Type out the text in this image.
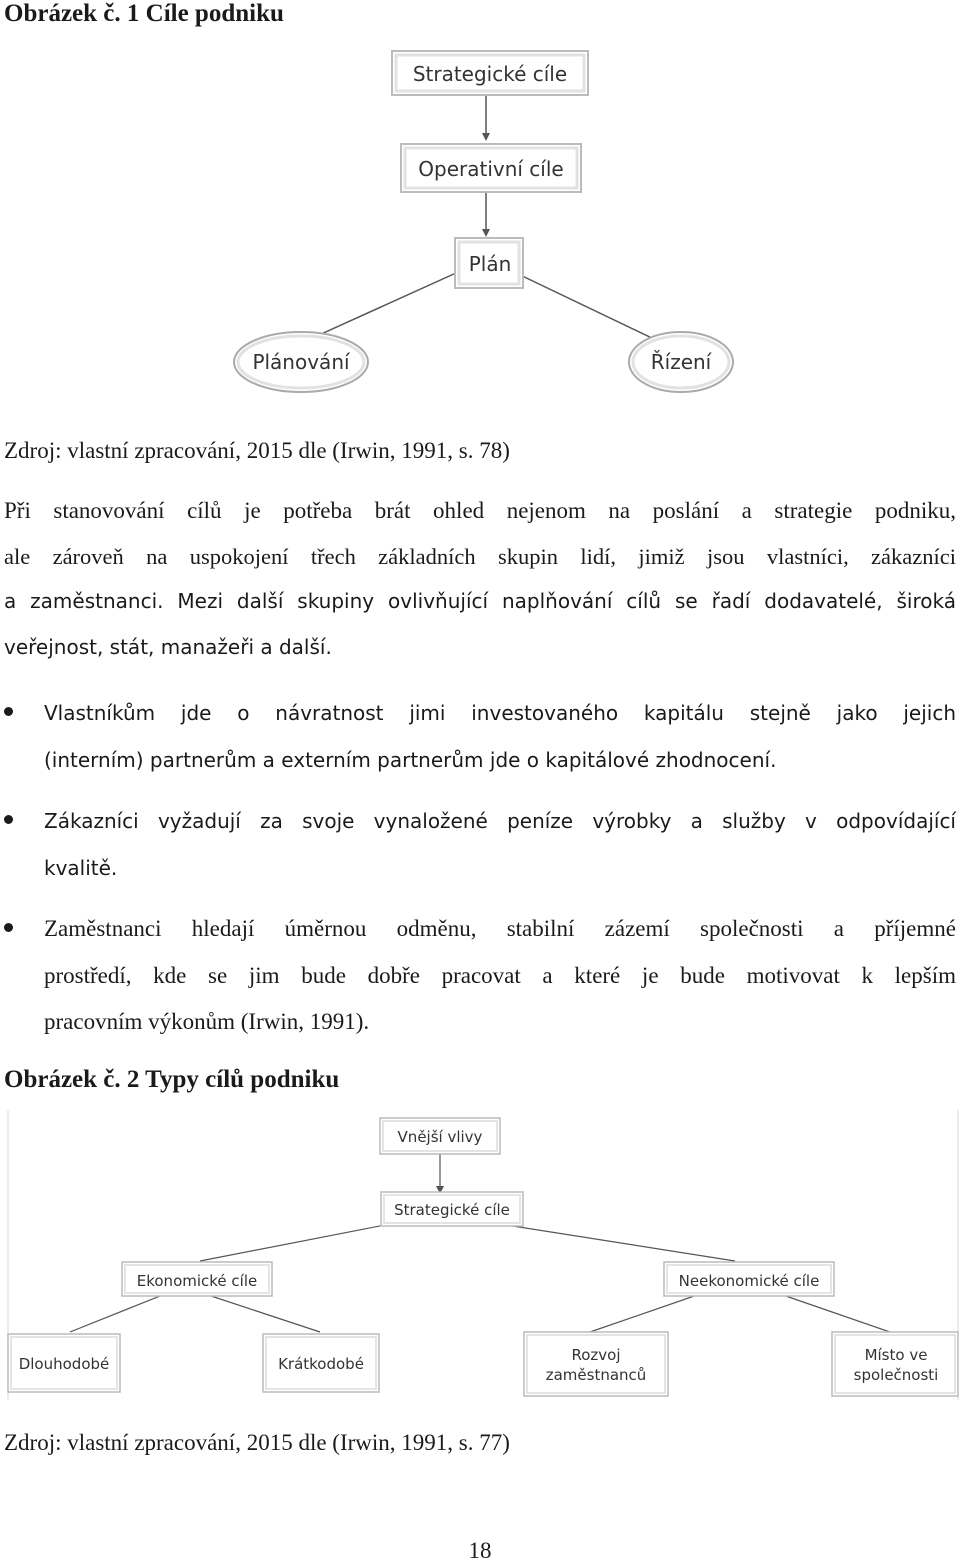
Obrázek č. 1 Cíle podniku
Strategické cíle
Operativní cíle
Plán
Plánování	Řízení
Zdroj: vlastní zpracování, 2015 dle (Irwin, 1991, s. 78)
Při stanovování cílů je potřeba brát ohled nejenom na poslání a strategie podniku,
ale zároveň na uspokojení třech základních skupin lidí, jimiž jsou vlastníci, zákazníci
a zaměstnanci. Mezi další skupiny ovlivňující naplňování cílů se řadí dodavatelé, široká
veřejnost, stát, manažeři a další.
Vlastníkům jde o návratnost jimi investovaného kapitálu stejně jako jejich
(interním) partnerům a externím partnerům jde o kapitálové zhodnocení.
Zákazníci vyžadují za svoje vynaložené peníze výrobky a služby v odpovídající
kvalitě.
Zaměstnanci hledají úměrnou odměnu, stabilní zázemí společnosti a příjemné
prostředí, kde se jim bude dobře pracovat a které je bude motivovat k lepším
pracovním výkonům (Irwin, 1991).
Obrázek č. 2 Typy cílů podniku
Vnější vlivy
Strategické cíle
Ekonomické cíle	Neekonomické cíle
Dlouhodobé	Krátkodobé	Rozvoj
zaměstnanců
Místo ve
společnosti
Zdroj: vlastní zpracování, 2015 dle (Irwin, 1991, s. 77)
18
